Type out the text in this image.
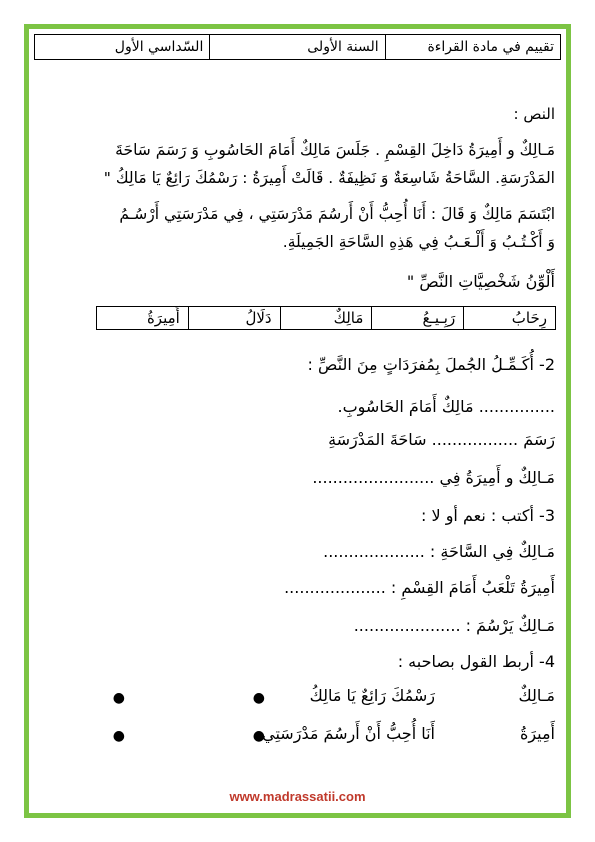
تقييم في مادة القراءة
السنة الأولى
السّداسي الأول
النص :
مَـالِكٌ و أَمِيرَةُ دَاخِلَ القِسْمِ . جَلَسَ مَالِكٌ أَمَامَ الحَاسُوبِ وَ رَسَمَ سَاحَةَ
المَدْرَسَةِ. السَّاحَةُ شَاسِعَةٌ وَ نَظِيفَةٌ . قَالَتْ أَمِيرَةُ : رَسْمُكَ رَائِعٌ يَا مَالِكُ "
ابْتَسَمَ مَالِكٌ وَ قَالَ : أَنَا أُحِبُّ أَنْ أَرسُمَ مَدْرَسَتِي ، فِي مَدْرَسَتِي أَرْسُـمُ
وَ أَكْـتُـبُ وَ أَلْـعَـبُ فِي هَذِهِ السَّاحَةِ الجَمِيلَةِ.
أَلْوِّنُ شَخْصِيَّاتِ النَّصِّ "
2- أُكَـمِّـلُ الجُملَ بِمُفرَدَاتٍ مِنَ النَّصِّ :
............... مَالِكٌ أَمَامَ الحَاسُوبِ.
رَسَمَ ................. سَاحَةَ المَدْرَسَةِ
مَـالِكٌ و أَمِيرَةُ فِي ........................
3- أكتب : نعم أو لا :
مَـالِكٌ فِي السَّاحَةِ : ....................
أَمِيرَةُ تَلْعَبُ أَمَامَ القِسْمِ : ....................
مَـالِكٌ يَرْسُمَ : .....................
4- أربط القول بصاحبه :
مَـالِكٌ
أَمِيرَةُ
●
●
●
●
رَسْمُكَ رَائِعٌ يَا مَالِكُ
أَنَا أُحِبُّ أَنْ أَرسُمَ مَدْرَسَتِي
رِحَابُ
رَبِـيـعُ
مَالِكٌ
دَلَالُ
أَمِيرَةُ
www.madrassatii.com
